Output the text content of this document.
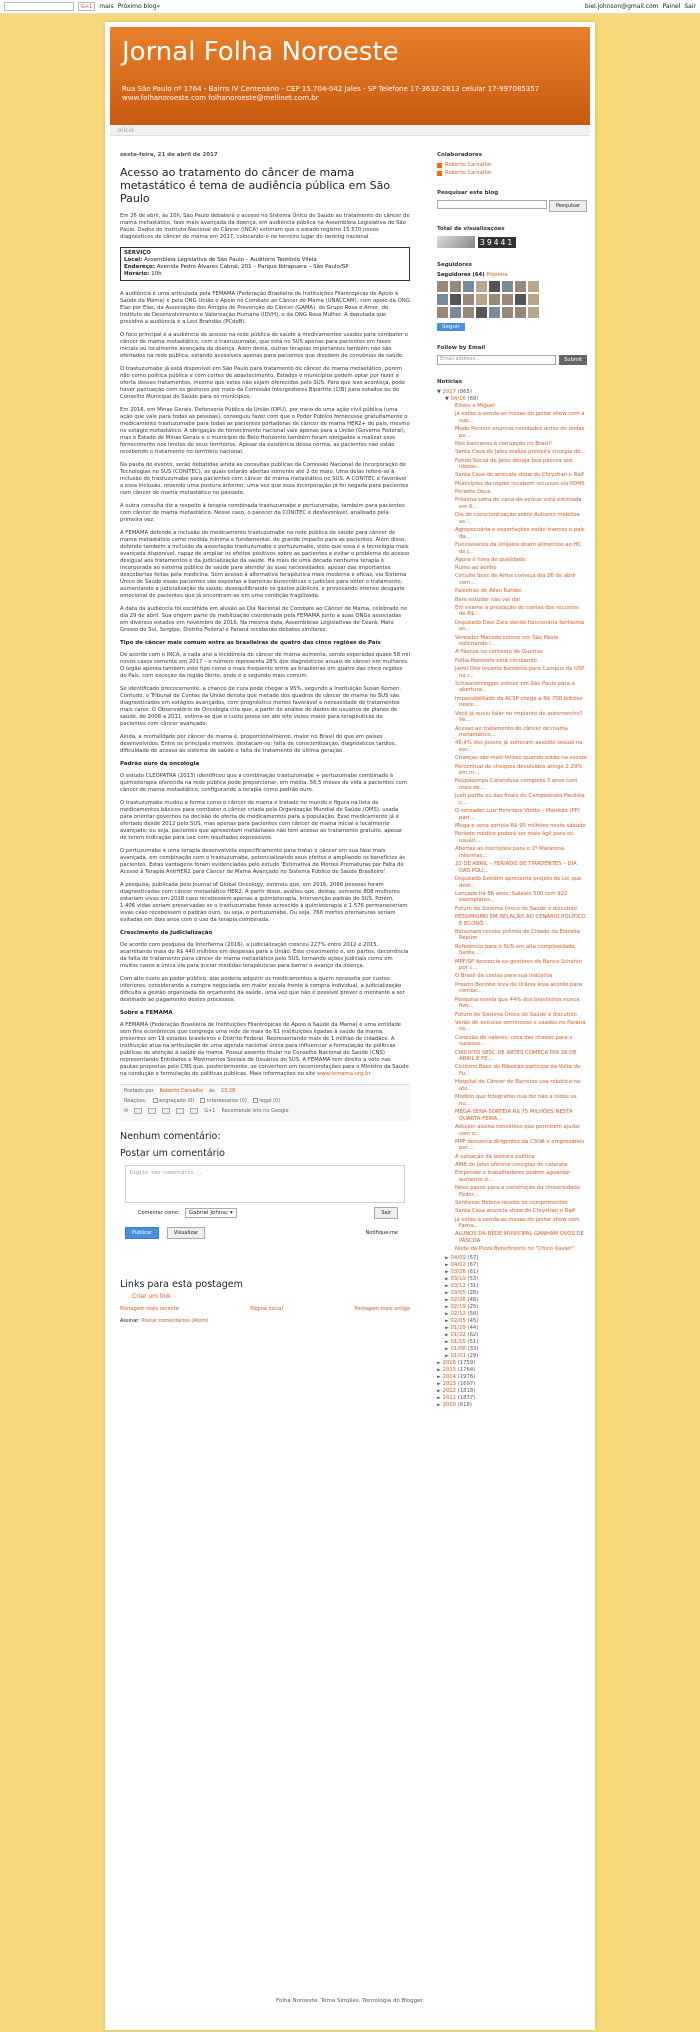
G+1	mais Próximo blog»	biel.johnson@gmail.com Painel Sair
Jornal Folha Noroeste
Rua São Paulo nº 1764 - Bairro IV Centenário - CEP 15.704-042 Jales - SP Telefone 17-3632-2813 celular 17-997085357 www.folhanoroeste.com folhanoroeste@mellinet.com.br
Início
sexta-feira, 21 de abril de 2017
Acesso ao tratamento do câncer de mama metastático é tema de audiência pública em São Paulo

Em 26 de abril, às 10h, São Paulo debaterá o acesso no Sistema Único de Saúde ao tratamento do câncer de mama metastático, fase mais avançada da doença, em audiência pública na Assembleia Legislativa de São Paulo. Dados do Instituto Nacional do Câncer (INCA) estimam que o estado registre 15.570 novos diagnósticos de câncer de mama em 2017, colocando-o no terceiro lugar do ranking nacional.

SERVIÇO
Local: Assembleia Legislativa de São Paulo – Auditório Teotônio Vilela
Endereço: Avenida Pedro Álvares Cabral, 201 – Parque Ibirapuera – São Paulo/SP
Horário: 10h

A audiência é uma articulada pela FEMAMA (Federação Brasileira de Instituições Filantrópicas de Apoio à Saúde da Mama) e pela ONG União e Apoio no Combate ao Câncer de Mama (UNACCAM), com apoio da ONG Elas por Elas, da Associação dos Amigos de Prevenção do Câncer (GAMA), do Grupo Rosa e Amor, do Instituto de Desenvolvimento e Valorização Humana (IDVH), e da ONG Rosa Mulher. A deputada que presidirá a audiência é a Leci Brandão (PCdoB).

O foco principal é a audiência de acesso na rede pública de saúde a medicamentos usados para combater o câncer de mama metastático, com o trastuzumabe, que está no SUS apenas para pacientes em fases iniciais ou localmente avançada da doença. Além desta, outras terapias importantes também não são ofertados na rede pública, estando acessíveis apenas para pacientes que dispõem de convênios de saúde.

O trastuzumabe já está disponível em São Paulo para tratamento de câncer de mama metastático, porém não como política pública e com cortes de abastecimento. Estados e municípios podem optar por fazer a oferta desses tratamentos, mesmo que estes não sejam oferecidos pelo SUS. Para que isso aconteça, pode haver pactuação com os gestores por meio da Comissão Intergestores Bipartite (CIB) para estados ou do Conselho Municipal de Saúde para os municípios.

Em 2016, em Minas Gerais, Defensoria Pública da União (DPU), por meio de uma ação civil pública (uma ação que vale para todas as pessoas), conseguiu fazer com que o Poder Público fornecesse gratuitamente o medicamento trastuzumabe para todas as pacientes portadoras de câncer de mama HER2+ do país, mesmo no estágio metastático. A obrigação de fornecimento nacional vale apenas para a União (Governo Federal), mas o Estado de Minas Gerais e o município de Belo Horizonte também foram obrigados a realizar esse fornecimento nos limites de seus territórios. Apesar da existência dessa norma, as pacientes não estão recebendo o tratamento no território nacional.

Na pauta do evento, serão debatidas ainda as consultas públicas da Comissão Nacional de Incorporação de Tecnologias no SUS (CONITEC), as quais estarão abertas somente até 2 de maio. Uma delas refere-se à inclusão do trastuzumabe para pacientes com câncer de mama metastático no SUS. A CONITEC é favorável a essa inclusão, revendo uma postura anterior, uma vez que essa incorporação já foi negada para pacientes com câncer de mama metastático no passado.

A outra consulta diz a respeito à terapia combinada trastuzumabe e pertuzumabe, também para pacientes com câncer de mama metastático. Nesse caso, o parecer da CONITEC é desfavorável, analisado pela primeira vez.

A FEMAMA defende a inclusão do medicamento trastuzumabe na rede pública de saúde para câncer de mama metastático como medida mínima e fundamental, de grande impacto para as pacientes. Além disso, defende também a inclusão da associação trastuzumabe e pertuzumabe, visto que essa é a tecnologia mais avançada disponível, capaz de ampliar os efeitos positivos sobre as pacientes e evitar o problema do acesso desigual aos tratamentos e da judicialização da saúde. Há mais de uma década nenhuma terapia é incorporada ao sistema público de saúde para atender às suas necessidades, apesar das importantes descobertas feitas pela medicina. Sem acesso à alternativa terapêutica mais moderna e eficaz, via Sistema Único de Saúde essas pacientes são expostas a barreiras burocráticas e judiciais para obter o tratamento, aumentando a judicialização da saúde, desequilibrando os gastos públicos, e provocando intenso desgaste emocional de pacientes que já encontram-se em uma condição fragilizada.

A data da audiência foi escolhida em alusão ao Dia Nacional de Combate ao Câncer de Mama, celebrado no dia 29 de abril. Sua origem parte de mobilização coordenada pela FEMAMA junto a suas ONGs associadas em diversos estados em novembro de 2016. Na mesma data, Assembleias Legislativas de Ceará, Mato Grosso do Sul, Sergipe, Distrito Federal e Paraná receberão debates similares.

Tipo de câncer mais comum entre as brasileiras de quatro das cinco regiões do País

De acordo com o INCA, a cada ano a incidência de câncer de mama aumenta, sendo esperados quase 58 mil novos casos somente em 2017 – o número representa 28% dos diagnósticos anuais de câncer em mulheres. O órgão aponta também este tipo como o mais frequente entre as brasileiras em quatro das cinco regiões do País, com exceção da região Norte, onde é o segundo mais comum.

Se identificado precocemente, a chance de cura pode chegar a 95%, segundo a Instituição Susan Komen. Contudo, o Tribunal de Contas da União denota que metade dos quadros de câncer de mama no SUS são diagnosticados em estágios avançados, com prognóstico menos favorável e necessidade de tratamentos mais caros. O Observatório de Oncologia cita que, a partir de análise de dados de usuários de planos de saúde, de 2008 a 2011, estima-se que o custo possa ser até oito vezes maior para terapêuticas de pacientes com câncer avançado.

Ainda, a mortalidade por câncer de mama é, proporcionalmente, maior no Brasil do que em países desenvolvidos. Entre os principais motivos, destacam-se: falta de conscientização, diagnósticos tardios, dificuldade de acesso ao sistema de saúde e falta de tratamento de última geração.

Padrão ouro da oncologia

O estudo CLEOPATRA (2013) identificou que a combinação trastuzumabe + pertuzumabe combinado à quimioterapia oferecida na rede pública pode proporcionar, em média, 56,5 meses de vida a pacientes com câncer de mama metastático, configurando a terapia como padrão ouro.

O trastuzumabe mudou a forma como o câncer de mama é tratado no mundo e figura na lista de medicamentos básicos para combater o câncer criada pela Organização Mundial de Saúde (OMS), usada para orientar governos na decisão de oferta de medicamentos para a população. Esse medicamento já é ofertado desde 2012 pelo SUS, mas apenas para pacientes com câncer de mama inicial e localmente avançado; ou seja, pacientes que apresentam metástases não têm acesso ao tratamento gratuito, apesar de terem indicação para uso com resultados expressivos.

O pertuzumabe é uma terapia desenvolvida especificamente para tratar o câncer em sua fase mais avançada, em combinação com o trastuzumabe, potencializando seus efeitos e ampliando os benefícios às pacientes. Estas vantagens foram evidenciadas pelo estudo 'Estimativa de Mortes Prematuras por Falta de Acesso à Terapia AntiHER2 para Câncer de Mama Avançado no Sistema Público de Saúde Brasileiro'.

A pesquisa, publicada pelo Journal of Global Oncology, estimou que, em 2016, 2068 pessoas foram diagnosticadas com câncer metastático HER2. A partir disso, avaliou que, destas, somente 808 mulheres estariam vivas em 2018 caso recebessem apenas a quimioterapia. Intervenção padrão do SUS. Porém, 1.406 vidas seriam preservadas se o trastuzumabe fosse acrescido à quimioterapia e 1.576 permaneceriam vivas caso recebessem o padrão ouro, ou seja, o pertuzumabe. Ou seja, 768 mortes prematuras seriam evitadas em dois anos com o uso da terapia combinada.

Crescimento da Judicialização

De acordo com pesquisa da Interfarma (2016), a judicialização cresceu 227% entre 2012 e 2015, acarretando mais de R$ 440 milhões em despesas para a União. Este crescimento é, em partes, decorrência da falta de tratamento para câncer de mama metastático pelo SUS, tornando ações judiciais como em muitos casos a única via para iniciar medidas terapêuticas para barrar o avanço da doença.

Com alto custo ao poder público, que poderia adquirir os medicamentos a quem necessita por custos inferiores, considerando a compra negociada em maior escala frente à compra individual, a judicialização dificulta a gestão organizada do orçamento da saúde, uma vez que não é possível prever o montante a ser destinado ao pagamento destes processos.

Sobre a FEMAMA

A FEMAMA (Federação Brasileira de Instituições Filantrópicas de Apoio à Saúde da Mama) é uma entidade sem fins econômicos que congrega uma rede de mais de 61 instituições ligadas à saúde da mama, presentes em 19 estados brasileiros e Distrito Federal. Representando mais de 1 milhão de cidadãos. A instituição atua na articulação de uma agenda nacional única para influenciar a formulação de políticas públicas de atenção à saúde da mama. Possui assento titular no Conselho Nacional de Saúde (CNS) representando Entidades e Movimentos Sociais de Usuários do SUS. A FEMAMA tem direito a voto nas pautas propostas pelo CNS que, posteriormente, se convertem em recomendações para o Ministro da Saúde na condução e formulação de políticas públicas. Mais informações no site www.femama.org.br

Postado por Roberto Carvalho às 23:28
Reações:	engraçado (0)	interessante (0)	legal (0)
✉	G+1 Recomende isto no Google
Nenhum comentário:
Postar um comentário
Digite seu comentário...
Comentar como:	Gabriel Johnsc ▾	Sair
Publicar	Visualizar	Notifique-me
Links para esta postagem
Criar um link
Postagem mais recente	Página inicial	Postagem mais antiga
Assinar: Postar comentários (Atom)
Colaboradores
Roberto Carvalho
Roberto Carvalho
Pesquisar este blog
Pesquisar
Total de visualizações
39441
Seguidores
Seguidores (64) Próxima
Seguir
Follow by Email
Email address...	Submit
Notícias
▼ 2017 (865)
▼ 04/16 (69)
Eliseu e Miguel
Já estão à venda as mesas do jantar show com a sup...
Made Pennon anuncia novidades antes de ondas po...
Nos bancanos à corrupção no Brasil!
Santa Casa de Jales realiza primeira cirurgia de...
Fundo Social de Jales desaja boa páscoa aos idosos...
Santa Casa de arrecala show do Chrystian e Ralf
Municípios da região recebem recursos via PDHS
Perante Deus
Próxima safra de cana-de-açúcar está estimada em 6...
Dia de conscientização sobre Autismo mobiliza as...
Agropecuária e exportações estão trancos o país da...
Funcionários da Unijales doam alimentos ao HC de J...
Agora é hora de qualidade
Rumo ao aonho
Circuito Sesc de Artes começa dia 26 de abril com...
Palestras de Allan Kardec
Bem estudar não vai dar
Em exame à prestação de contas dos recursos de R$...
Deputado Davi Zaia dando funcionária fantasma as...
Vereador Macedo esteve em São Paulo solicitando l...
A Páscoa no contexto de Guerras
Folha Noroeste está circulando
Jamil Ono levanta bandeira para Campus da USP na r...
Schwarzenegger esteve em São Paulo para a abertura...
Impossibilitado da ACSP chega a R$ 700 bilhões neste...
Você já ouviu falar no implante de autorrancho? Ve...
Acesso ao tratamento do câncer de mama metastático...
46,4% dos jovens já sofreram assédio sexual na esc...
Crianças são mais felizes quando estão na escola
Percentual de cheques devolvidos atinge 2,29% em m...
Poupatempo Catanduva completa 3 anos com mais de...
Justi porfia ou das finais do Campeonato Paulista c...
O vereador Luiz Henrique Viotto – Marotão (PP) part...
Mega-e sena sorteia R$ 95 milhões nesta sábado
Período médico poderá ser mais ágil para os usuári...
Abertas as inscrições para o 1º Maratona Intermac...
21 DE ABRIL – FERIADO DE TIRADENTES – DIA DAS POLI...
Deputado Gondim apresenta projeto de Lei que dest...
Lançado há 86 anos, Galaxie 500 tem 922 exemplares...
Futuro do Sistema Único de Saúde é discutido
PESSIMISMO EM RELAÇÃO AO CENÁRIO POLÍTICO E ECONÔ...
Bolsonaro recebe prêmio de Cidade da Estrada Repúm
Referência para o SUS em alta complexidade, Santa ...
MPF/SP denuncia ex-gestores do Banco Schahin por c...
O Brasil da costas para sua indústria
Projeto Berinho leva de Urânia leva acordo para combe...
Pesquisa revela que 44% dos brasileiros nunca fize...
Futuro do Sistema Único de Saúde é discutido
Verão de veículos seminovos e usados no Paraná ca...
Conexão de valores: uma das chaves para o sucesso...
CIRCUITO SESC DE ARTES COMEÇA DIA 26 DE ABRIL E FE...
Ciclismo Base de Ribeirão participa da Volta do Fu...
Hospital de Câncer de Barretos usa robótica na ate...
Modelo que fotografou nua diz não a todos os nu...
MEGA-SENA SORTEIA R$ 75 MILHÕES NESTA QUARTA-FEIRA...
Adcsion assina convênios que permitem ajudar com o...
MPF denuncia dirigentes da CSOA e empresários por ...
A salvação da lavoura política
AMB de Jales oferece cirurgias de catarata
Empresas e trabalhadores podem aguardar aumento d...
Novo passo para a construção da Universidade Feder...
Senhoras Helena recebe os cumprimentos
Santa Casa anuncia show do Chrystian e Ralf
Já estão à venda as mesas do jantar show com Fama...
ALUNOS DA REDE MUNICIPAL GANHAM OVOS DE PÁSCOA
Noite da Pizza Beneficente no "Chico Xavier"
► 04/09 (57)
► 04/02 (67)
► 03/26 (61)
► 03/19 (53)
► 03/12 (31)
► 03/05 (28)
► 02/26 (48)
► 02/19 (25)
► 02/12 (58)
► 02/05 (45)
► 01/29 (44)
► 01/22 (62)
► 01/15 (51)
► 01/08 (33)
► 01/01 (29)
► 2016 (1759)
► 2015 (1764)
► 2014 (1976)
► 2013 (1697)
► 2012 (1818)
► 2011 (1837)
► 2010 (618)
Folha Noroeste. Tema Simples. Tecnologia do Blogger.
